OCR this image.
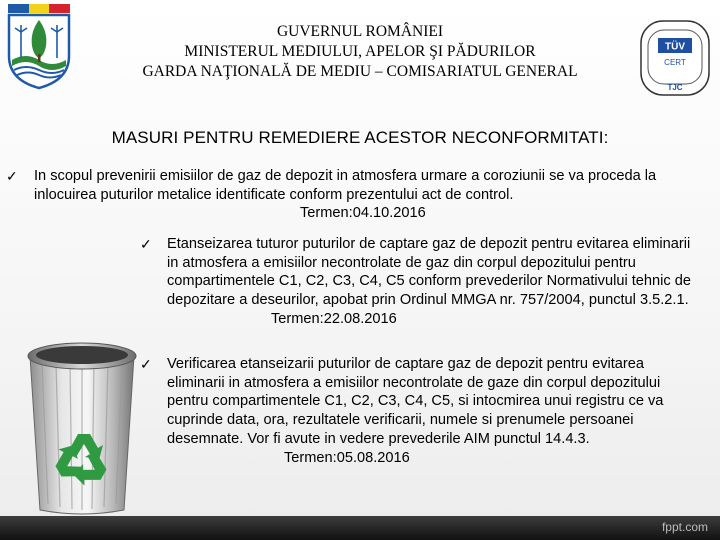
GUVERNUL ROMÂNIEI
MINISTERUL MEDIULUI, APELOR ŞI PĂDURILOR
GARDA NAŢIONALĂ DE MEDIU – COMISARIATUL GENERAL
TÜV
CERT
TJC
MASURI PENTRU REMEDIERE ACESTOR NECONFORMITATI:
✓ In scopul prevenirii emisiilor de gaz de depozit in atmosfera urmare a coroziunii se va proceda la inlocuirea puturilor metalice identificate conform prezentului act de control.
Termen:04.10.2016
✓ Etanseizarea tuturor puturilor de captare gaz de depozit pentru evitarea eliminarii in atmosfera a emisiilor necontrolate de gaz din corpul depozitului pentru compartimentele C1, C2, C3, C4, C5 conform prevederilor Normativului tehnic de depozitare a deseurilor, apobat prin Ordinul MMGA nr. 757/2004, punctul 3.5.2.1.
Termen:22.08.2016
✓ Verificarea etanseizarii puturilor de captare gaz de depozit pentru evitarea eliminarii in atmosfera a emisiilor necontrolate de gaze din corpul depozitului pentru compartimentele C1, C2, C3, C4, C5, si intocmirea unui registru ce va cuprinde data, ora, rezultatele verificarii, numele si prenumele persoanei desemnate. Vor fi avute in vedere prevederile AIM punctul 14.4.3.
Termen:05.08.2016
fppt.com
